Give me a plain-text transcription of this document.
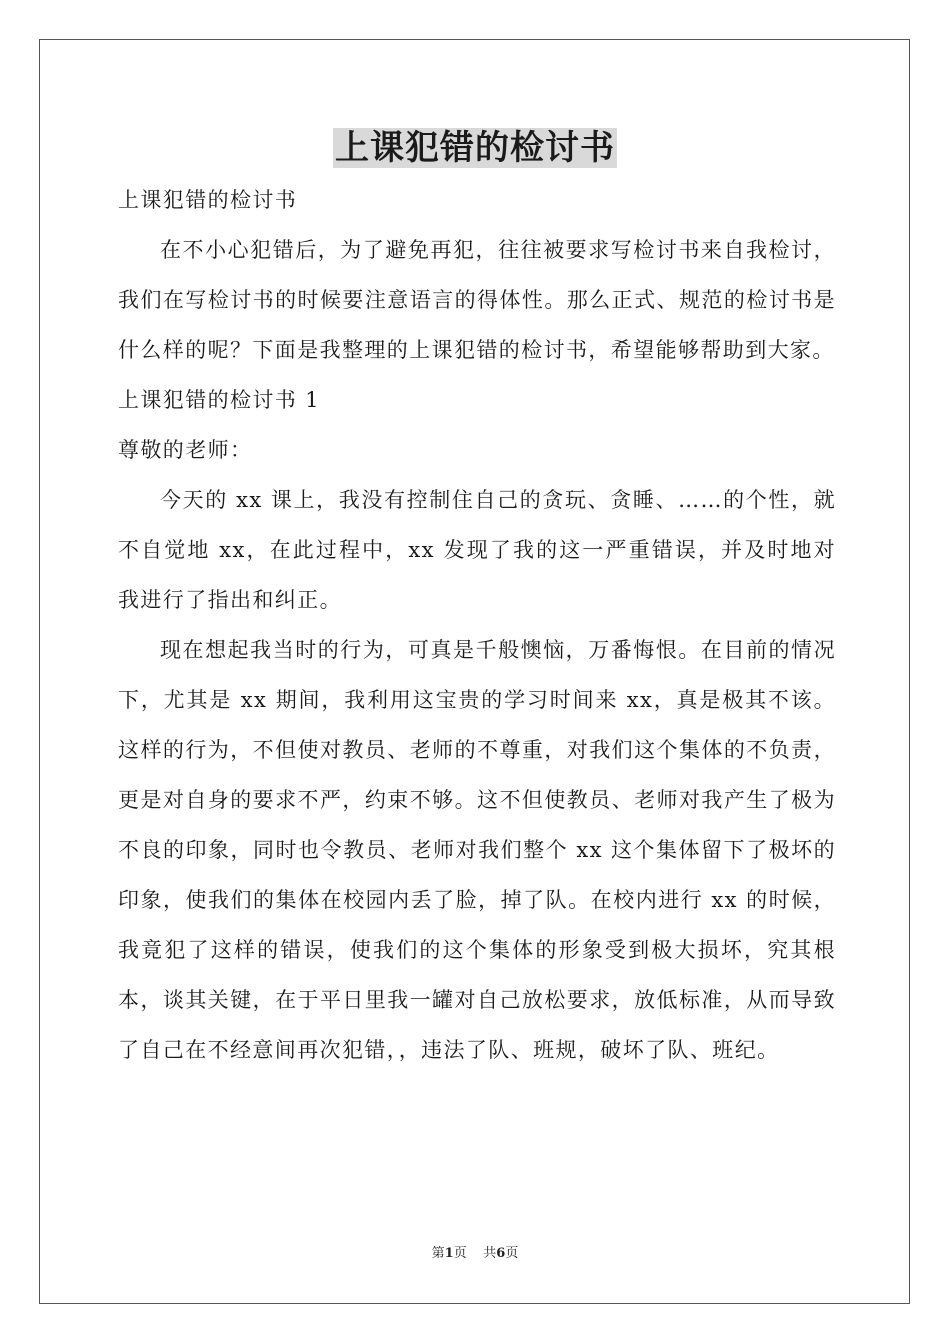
上课犯错的检讨书

上课犯错的检讨书

在不小心犯错后，为了避免再犯，往往被要求写检讨书来自我检讨，我们在写检讨书的时候要注意语言的得体性。那么正式、规范的检讨书是什么样的呢？下面是我整理的上课犯错的检讨书，希望能够帮助到大家。

上课犯错的检讨书 1

尊敬的老师：

今天的 xx 课上，我没有控制住自己的贪玩、贪睡、……的个性，就不自觉地 xx，在此过程中，xx 发现了我的这一严重错误，并及时地对我进行了指出和纠正。

现在想起我当时的行为，可真是千般懊恼，万番悔恨。在目前的情况下，尤其是 xx 期间，我利用这宝贵的学习时间来 xx，真是极其不该。这样的行为，不但使对教员、老师的不尊重，对我们这个集体的不负责，更是对自身的要求不严，约束不够。这不但使教员、老师对我产生了极为不良的印象，同时也令教员、老师对我们整个 xx 这个集体留下了极坏的印象，使我们的集体在校园内丢了脸，掉了队。在校内进行 xx 的时候，我竟犯了这样的错误，使我们的这个集体的形象受到极大损坏，究其根本，谈其关键，在于平日里我一罐对自己放松要求，放低标准，从而导致了自己在不经意间再次犯错，，违法了队、班规，破坏了队、班纪。

第1页 共6页
